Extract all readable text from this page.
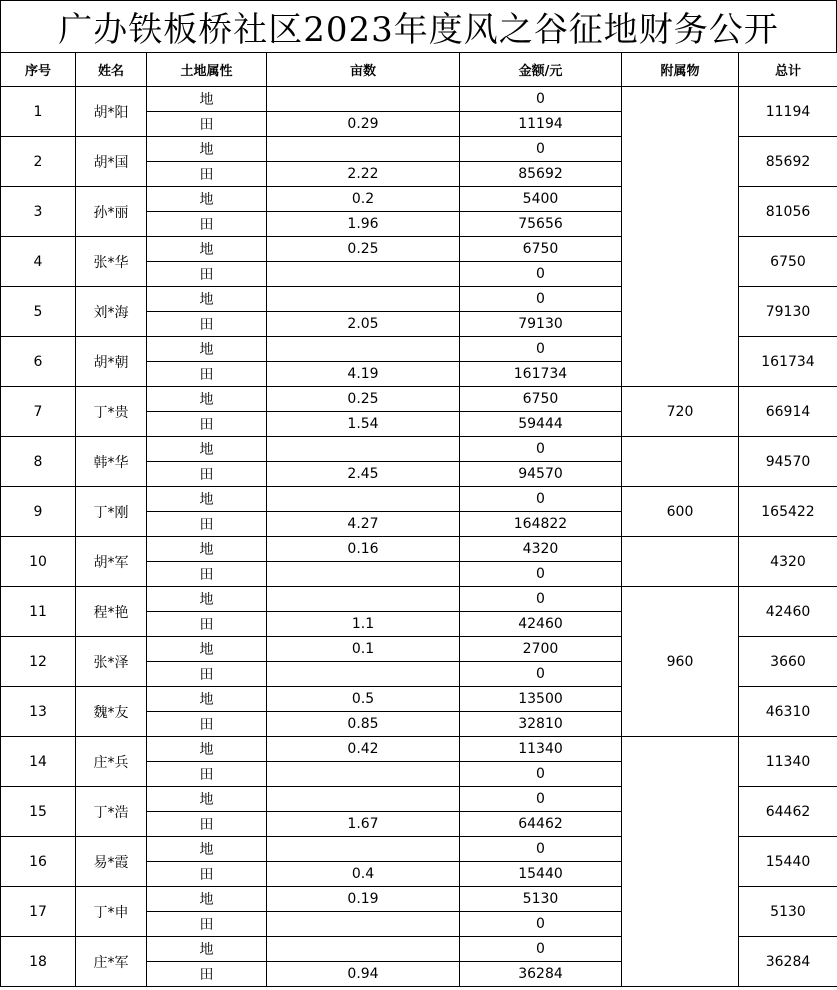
广办铁板桥社区2023年度风之谷征地财务公开
序号	姓名	土地属性	亩数	金额/元	附属物	总计
1	胡*阳	地		0		11194
		田	0.29	11194		
2	胡*国	地		0		85692
		田	2.22	85692		
3	孙*丽	地	0.2	5400		81056
		田	1.96	75656		
4	张*华	地	0.25	6750		6750
		田		0		
5	刘*海	地		0		79130
		田	2.05	79130		
6	胡*朝	地		0		161734
		田	4.19	161734		
7	丁*贵	地	0.25	6750	720	66914
		田	1.54	59444		
8	韩*华	地		0		94570
		田	2.45	94570		
9	丁*刚	地		0	600	165422
		田	4.27	164822		
10	胡*军	地	0.16	4320		4320
		田		0		
11	程*艳	地		0	960	42460
		田	1.1	42460		
12	张*泽	地	0.1	2700		3660
		田		0		
13	魏*友	地	0.5	13500		46310
		田	0.85	32810		
14	庄*兵	地	0.42	11340		11340
		田		0		
15	丁*浩	地		0		64462
		田	1.67	64462		
16	易*霞	地		0		15440
		田	0.4	15440		
17	丁*申	地	0.19	5130		5130
		田		0		
18	庄*军	地		0		36284
		田	0.94	36284		
